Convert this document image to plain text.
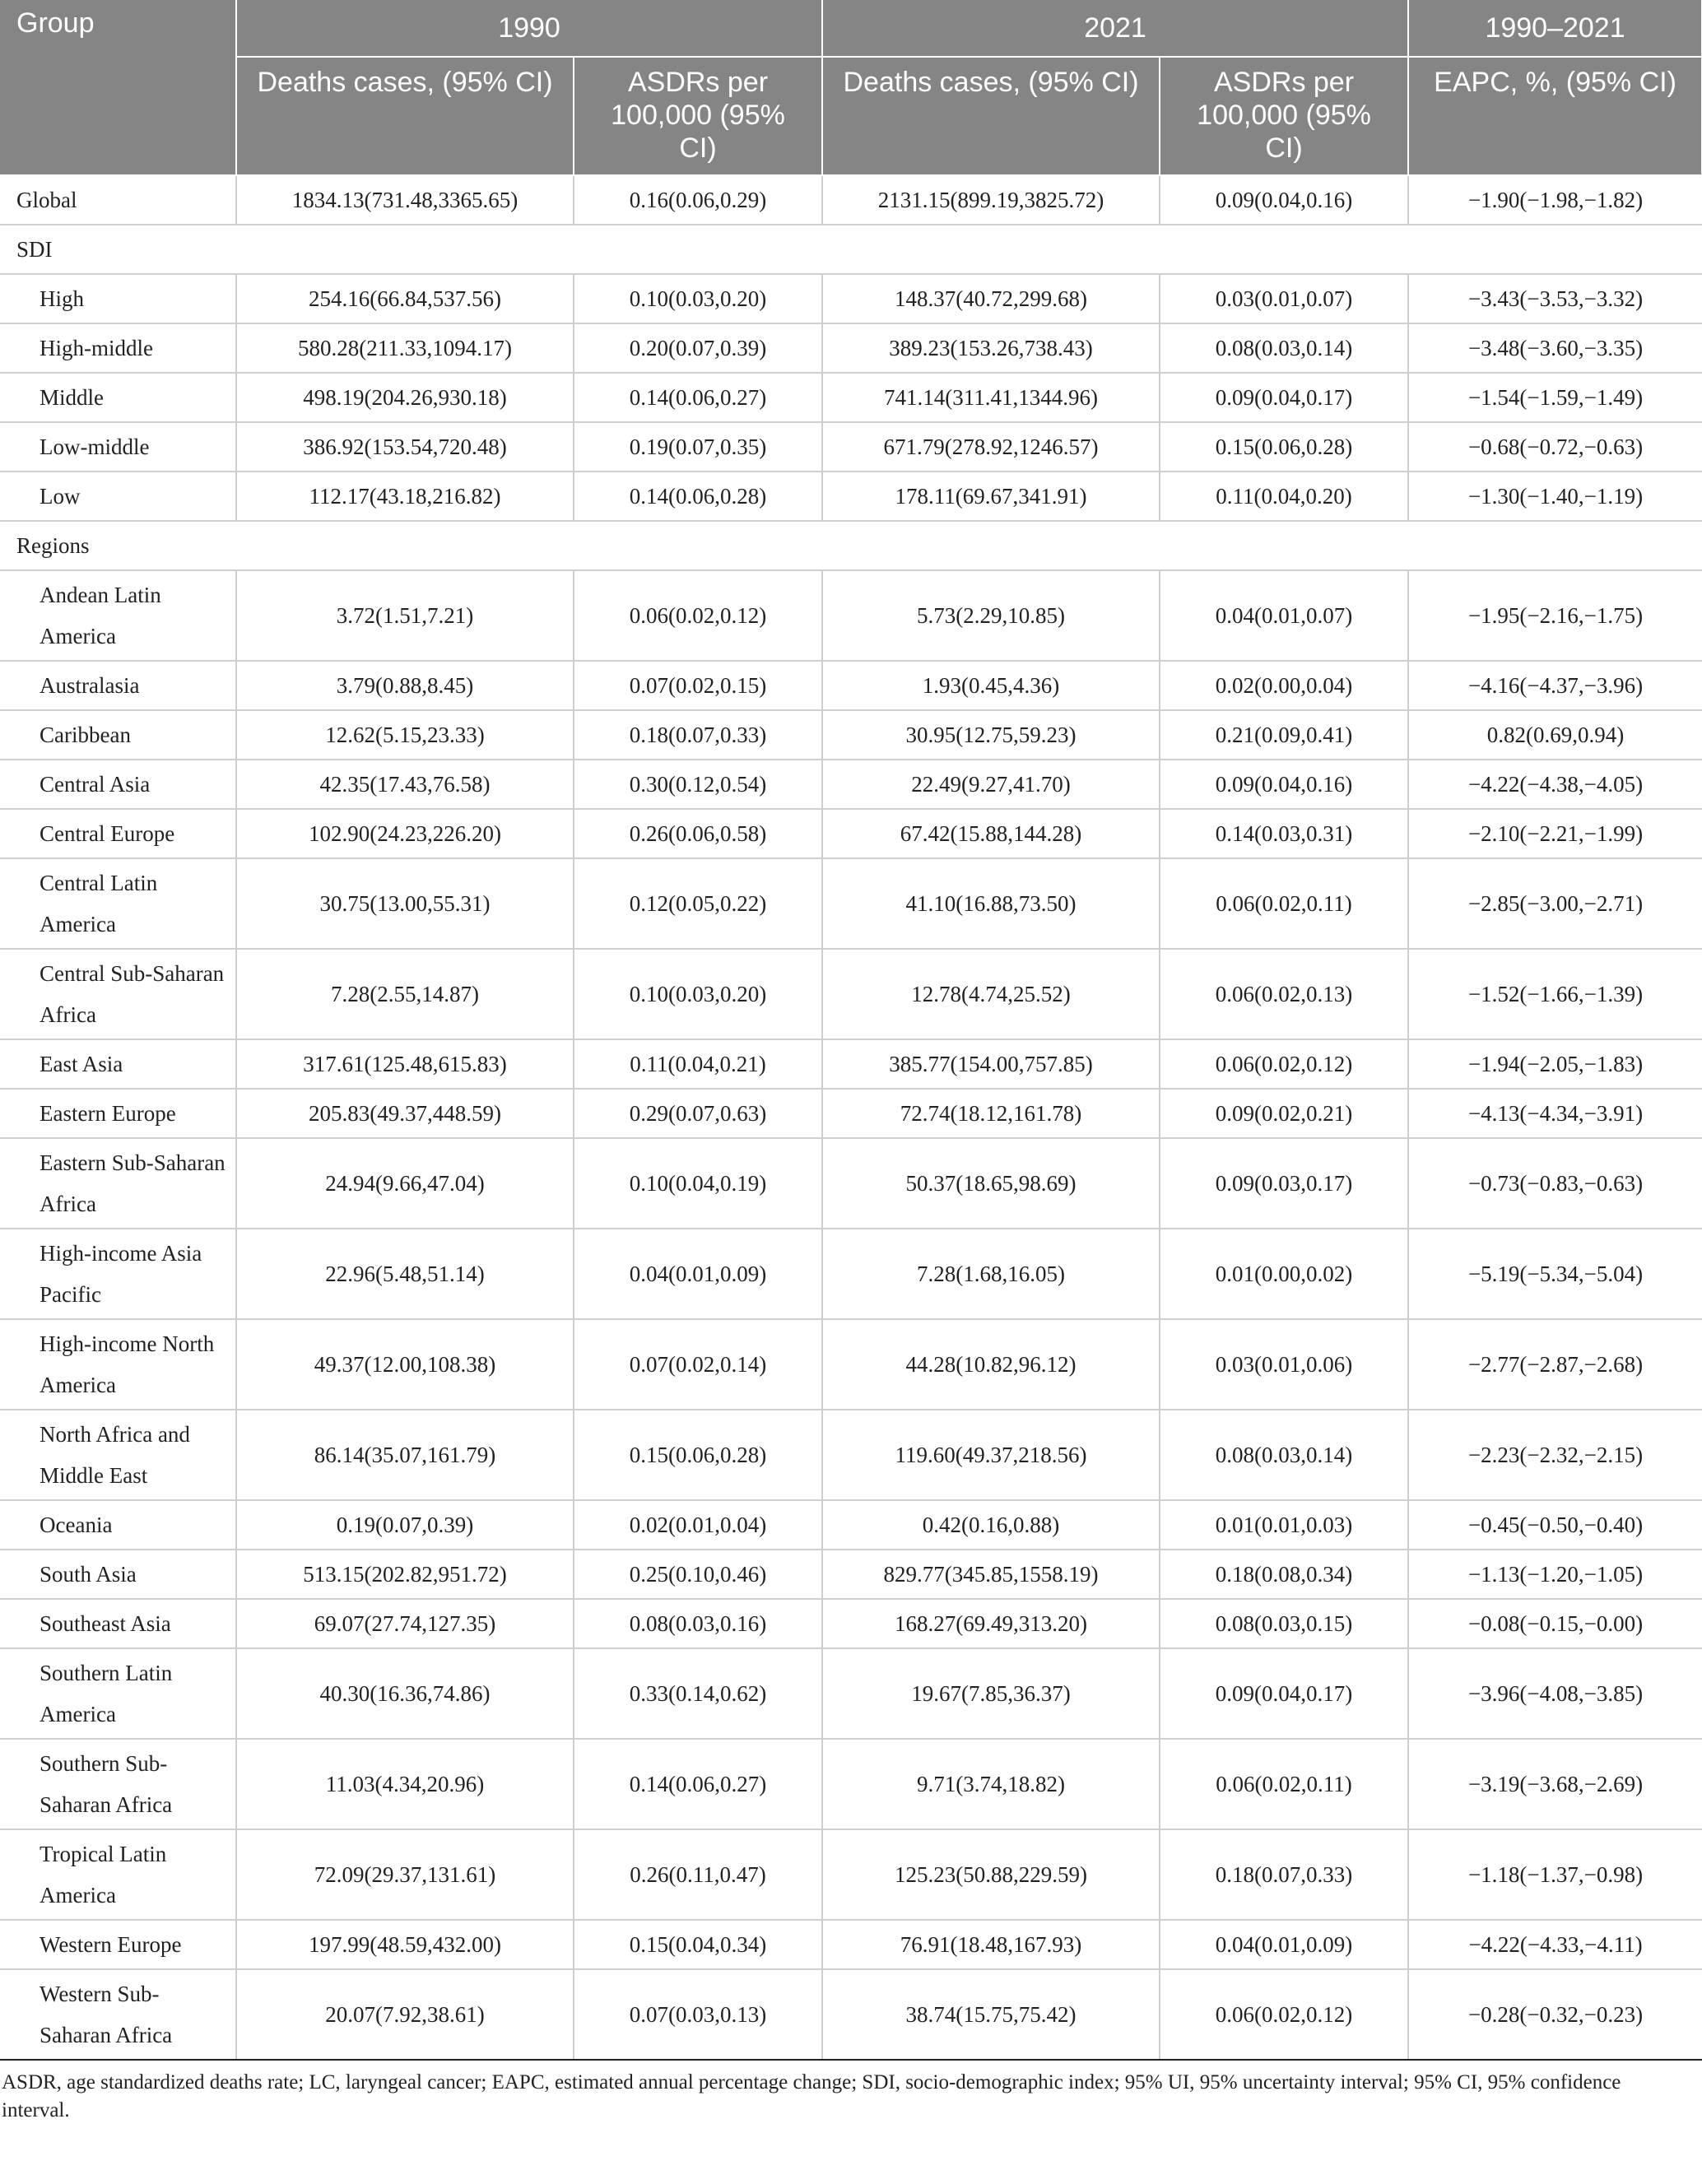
Group	1990		2021		1990–2021
	Deaths cases, (95% CI)	ASDRs per 100,000 (95% CI)	Deaths cases, (95% CI)	ASDRs per 100,000 (95% CI)	EAPC, %, (95% CI)
Global	1834.13(731.48,3365.65)	0.16(0.06,0.29)	2131.15(899.19,3825.72)	0.09(0.04,0.16)	−1.90(−1.98,−1.82)
SDI					
High	254.16(66.84,537.56)	0.10(0.03,0.20)	148.37(40.72,299.68)	0.03(0.01,0.07)	−3.43(−3.53,−3.32)
High-middle	580.28(211.33,1094.17)	0.20(0.07,0.39)	389.23(153.26,738.43)	0.08(0.03,0.14)	−3.48(−3.60,−3.35)
Middle	498.19(204.26,930.18)	0.14(0.06,0.27)	741.14(311.41,1344.96)	0.09(0.04,0.17)	−1.54(−1.59,−1.49)
Low-middle	386.92(153.54,720.48)	0.19(0.07,0.35)	671.79(278.92,1246.57)	0.15(0.06,0.28)	−0.68(−0.72,−0.63)
Low	112.17(43.18,216.82)	0.14(0.06,0.28)	178.11(69.67,341.91)	0.11(0.04,0.20)	−1.30(−1.40,−1.19)
Regions					
Andean Latin America	3.72(1.51,7.21)	0.06(0.02,0.12)	5.73(2.29,10.85)	0.04(0.01,0.07)	−1.95(−2.16,−1.75)
Australasia	3.79(0.88,8.45)	0.07(0.02,0.15)	1.93(0.45,4.36)	0.02(0.00,0.04)	−4.16(−4.37,−3.96)
Caribbean	12.62(5.15,23.33)	0.18(0.07,0.33)	30.95(12.75,59.23)	0.21(0.09,0.41)	0.82(0.69,0.94)
Central Asia	42.35(17.43,76.58)	0.30(0.12,0.54)	22.49(9.27,41.70)	0.09(0.04,0.16)	−4.22(−4.38,−4.05)
Central Europe	102.90(24.23,226.20)	0.26(0.06,0.58)	67.42(15.88,144.28)	0.14(0.03,0.31)	−2.10(−2.21,−1.99)
Central Latin America	30.75(13.00,55.31)	0.12(0.05,0.22)	41.10(16.88,73.50)	0.06(0.02,0.11)	−2.85(−3.00,−2.71)
Central Sub-Saharan Africa	7.28(2.55,14.87)	0.10(0.03,0.20)	12.78(4.74,25.52)	0.06(0.02,0.13)	−1.52(−1.66,−1.39)
East Asia	317.61(125.48,615.83)	0.11(0.04,0.21)	385.77(154.00,757.85)	0.06(0.02,0.12)	−1.94(−2.05,−1.83)
Eastern Europe	205.83(49.37,448.59)	0.29(0.07,0.63)	72.74(18.12,161.78)	0.09(0.02,0.21)	−4.13(−4.34,−3.91)
Eastern Sub-Saharan Africa	24.94(9.66,47.04)	0.10(0.04,0.19)	50.37(18.65,98.69)	0.09(0.03,0.17)	−0.73(−0.83,−0.63)
High-income Asia Pacific	22.96(5.48,51.14)	0.04(0.01,0.09)	7.28(1.68,16.05)	0.01(0.00,0.02)	−5.19(−5.34,−5.04)
High-income North America	49.37(12.00,108.38)	0.07(0.02,0.14)	44.28(10.82,96.12)	0.03(0.01,0.06)	−2.77(−2.87,−2.68)
North Africa and Middle East	86.14(35.07,161.79)	0.15(0.06,0.28)	119.60(49.37,218.56)	0.08(0.03,0.14)	−2.23(−2.32,−2.15)
Oceania	0.19(0.07,0.39)	0.02(0.01,0.04)	0.42(0.16,0.88)	0.01(0.01,0.03)	−0.45(−0.50,−0.40)
South Asia	513.15(202.82,951.72)	0.25(0.10,0.46)	829.77(345.85,1558.19)	0.18(0.08,0.34)	−1.13(−1.20,−1.05)
Southeast Asia	69.07(27.74,127.35)	0.08(0.03,0.16)	168.27(69.49,313.20)	0.08(0.03,0.15)	−0.08(−0.15,−0.00)
Southern Latin America	40.30(16.36,74.86)	0.33(0.14,0.62)	19.67(7.85,36.37)	0.09(0.04,0.17)	−3.96(−4.08,−3.85)
Southern Sub-Saharan Africa	11.03(4.34,20.96)	0.14(0.06,0.27)	9.71(3.74,18.82)	0.06(0.02,0.11)	−3.19(−3.68,−2.69)
Tropical Latin America	72.09(29.37,131.61)	0.26(0.11,0.47)	125.23(50.88,229.59)	0.18(0.07,0.33)	−1.18(−1.37,−0.98)
Western Europe	197.99(48.59,432.00)	0.15(0.04,0.34)	76.91(18.48,167.93)	0.04(0.01,0.09)	−4.22(−4.33,−4.11)
Western Sub-Saharan Africa	20.07(7.92,38.61)	0.07(0.03,0.13)	38.74(15.75,75.42)	0.06(0.02,0.12)	−0.28(−0.32,−0.23)
ASDR, age standardized deaths rate; LC, laryngeal cancer; EAPC, estimated annual percentage change; SDI, socio-demographic index; 95% UI, 95% uncertainty interval; 95% CI, 95% confidence interval.
